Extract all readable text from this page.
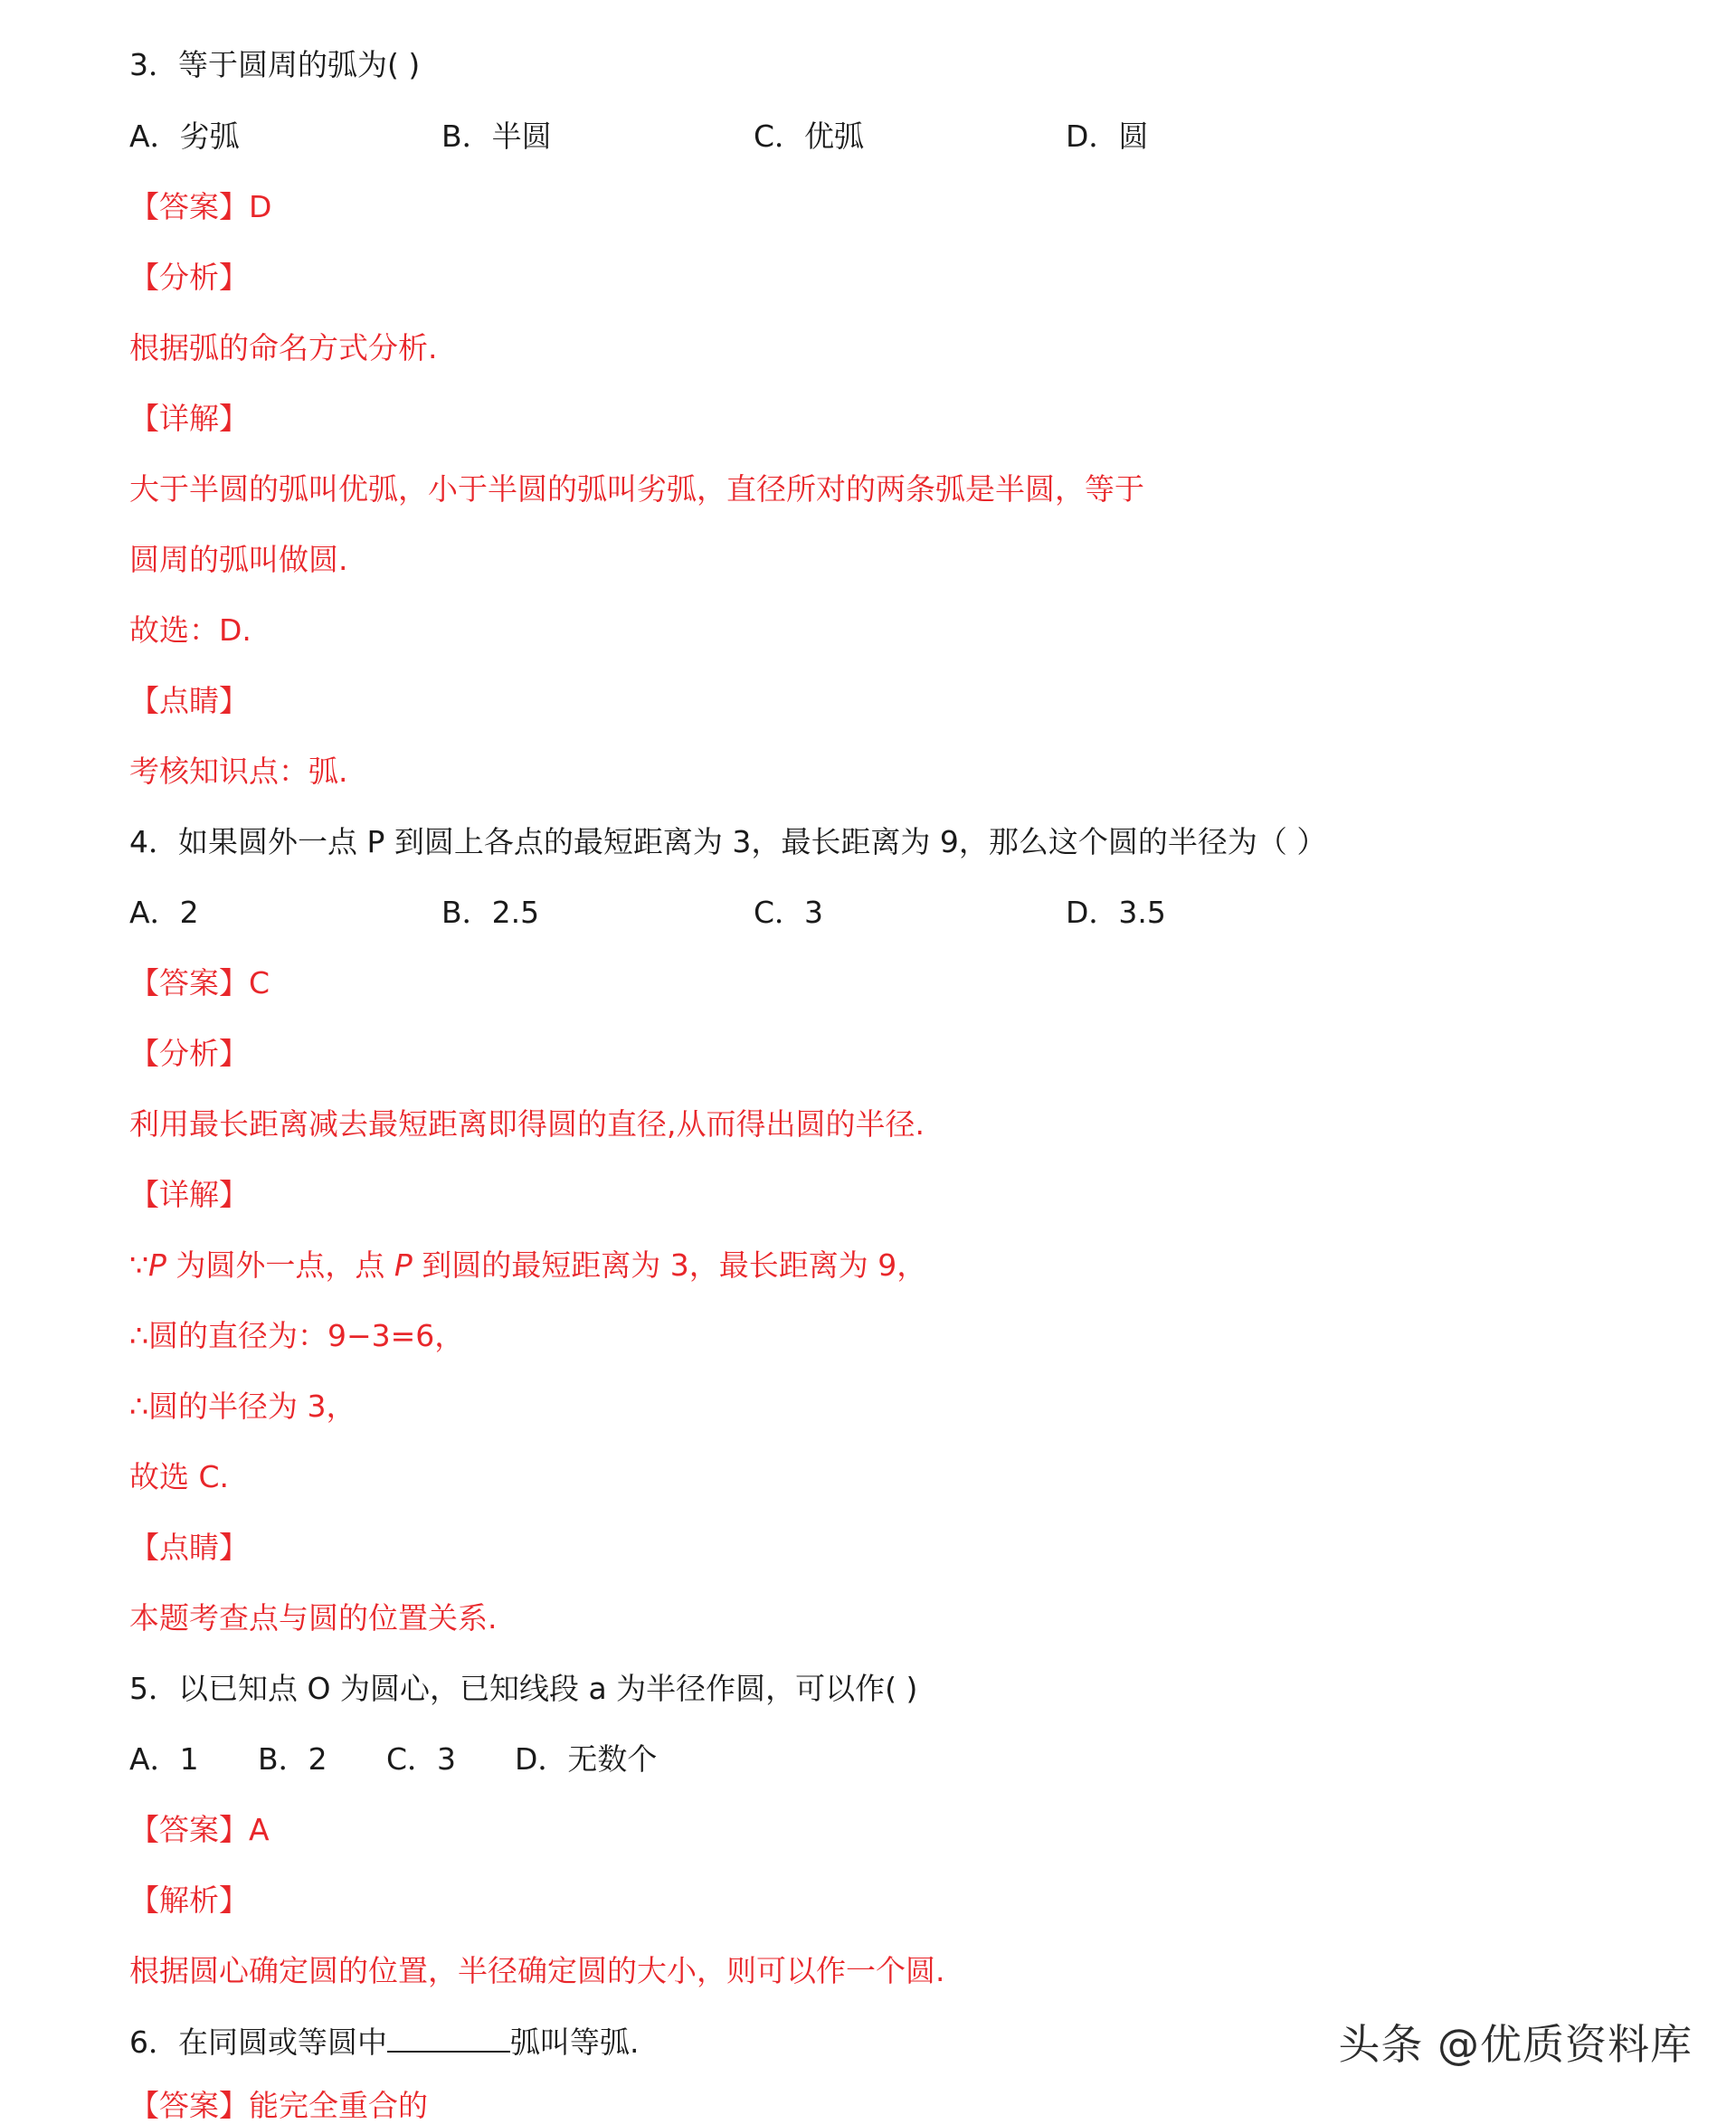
3．等于圆周的弧为( )
A．劣弧	B．半圆	C．优弧	D．圆
【答案】D
【分析】
根据弧的命名方式分析.
【详解】
大于半圆的弧叫优弧，小于半圆的弧叫劣弧，直径所对的两条弧是半圆，等于
圆周的弧叫做圆.
故选：D.
【点睛】
考核知识点：弧.
4．如果圆外一点 P 到圆上各点的最短距离为 3，最长距离为 9，那么这个圆的半径为（ ）
A．2	B．2.5	C．3	D．3.5
【答案】C
【分析】
利用最长距离减去最短距离即得圆的直径,从而得出圆的半径.
【详解】
∵P 为圆外一点，点 P 到圆的最短距离为 3，最长距离为 9，
∴圆的直径为：9−3=6，
∴圆的半径为 3，
故选 C.
【点睛】
本题考查点与圆的位置关系.
5．以已知点 O 为圆心，已知线段 a 为半径作圆，可以作( )
A．1 B．2 C．3 D．无数个
【答案】A
【解析】
根据圆心确定圆的位置，半径确定圆的大小，则可以作一个圆.
6．在同圆或等圆中	弧叫等弧.
【答案】能完全重合的
头条 @优质资料库
